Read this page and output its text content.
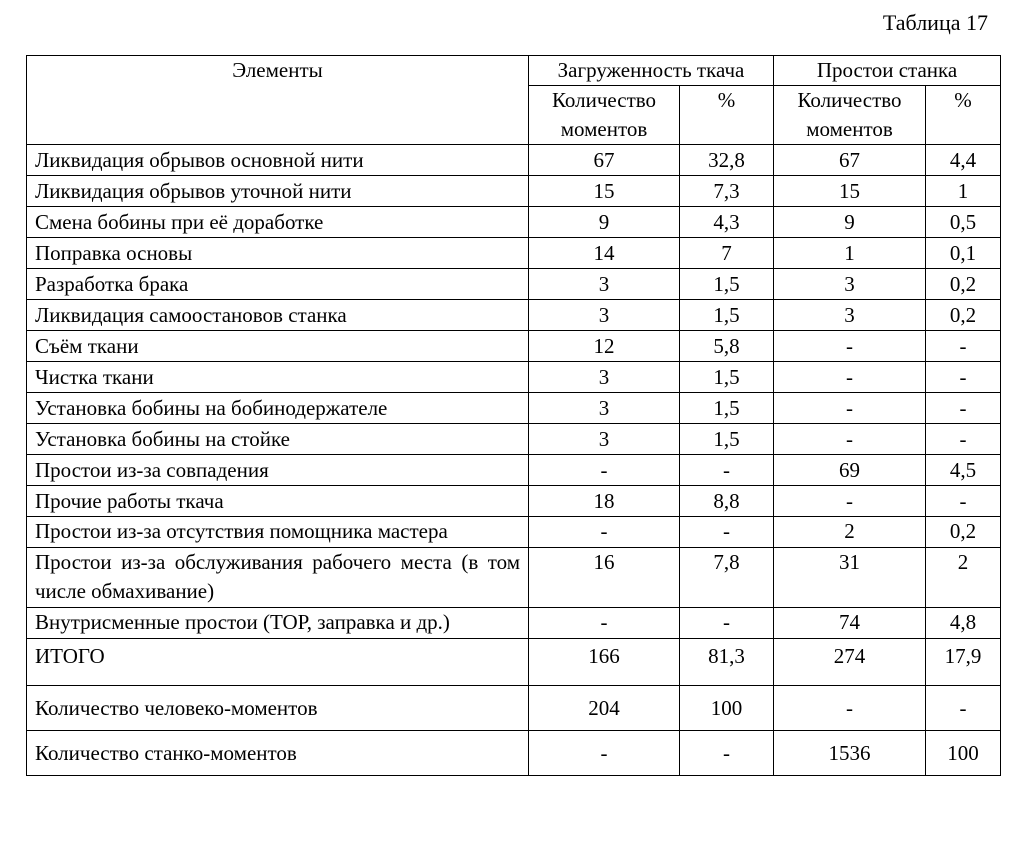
Таблица 17
Элементы	Загруженность ткача		Простои станка	
	Количество моментов	%	Количество моментов	%
Ликвидация обрывов основной нити	67	32,8	67	4,4
Ликвидация обрывов уточной нити	15	7,3	15	1
Смена бобины при её доработке	9	4,3	9	0,5
Поправка основы	14	7	1	0,1
Разработка брака	3	1,5	3	0,2
Ликвидация самоостановов станка	3	1,5	3	0,2
Съём ткани	12	5,8	-	-
Чистка ткани	3	1,5	-	-
Установка бобины на бобинодержателе	3	1,5	-	-
Установка бобины на стойке	3	1,5	-	-
Простои из-за совпадения	-	-	69	4,5
Прочие работы ткача	18	8,8	-	-
Простои из-за отсутствия помощника мастера	-	-	2	0,2
Простои из-за обслуживания рабочего места (в том числе обмахивание)	16	7,8	31	2
Внутрисменные простои (ТОР, заправка и др.)	-	-	74	4,8
ИТОГО	166	81,3	274	17,9
Количество человеко-моментов	204	100	-	-
Количество станко-моментов	-	-	1536	100
